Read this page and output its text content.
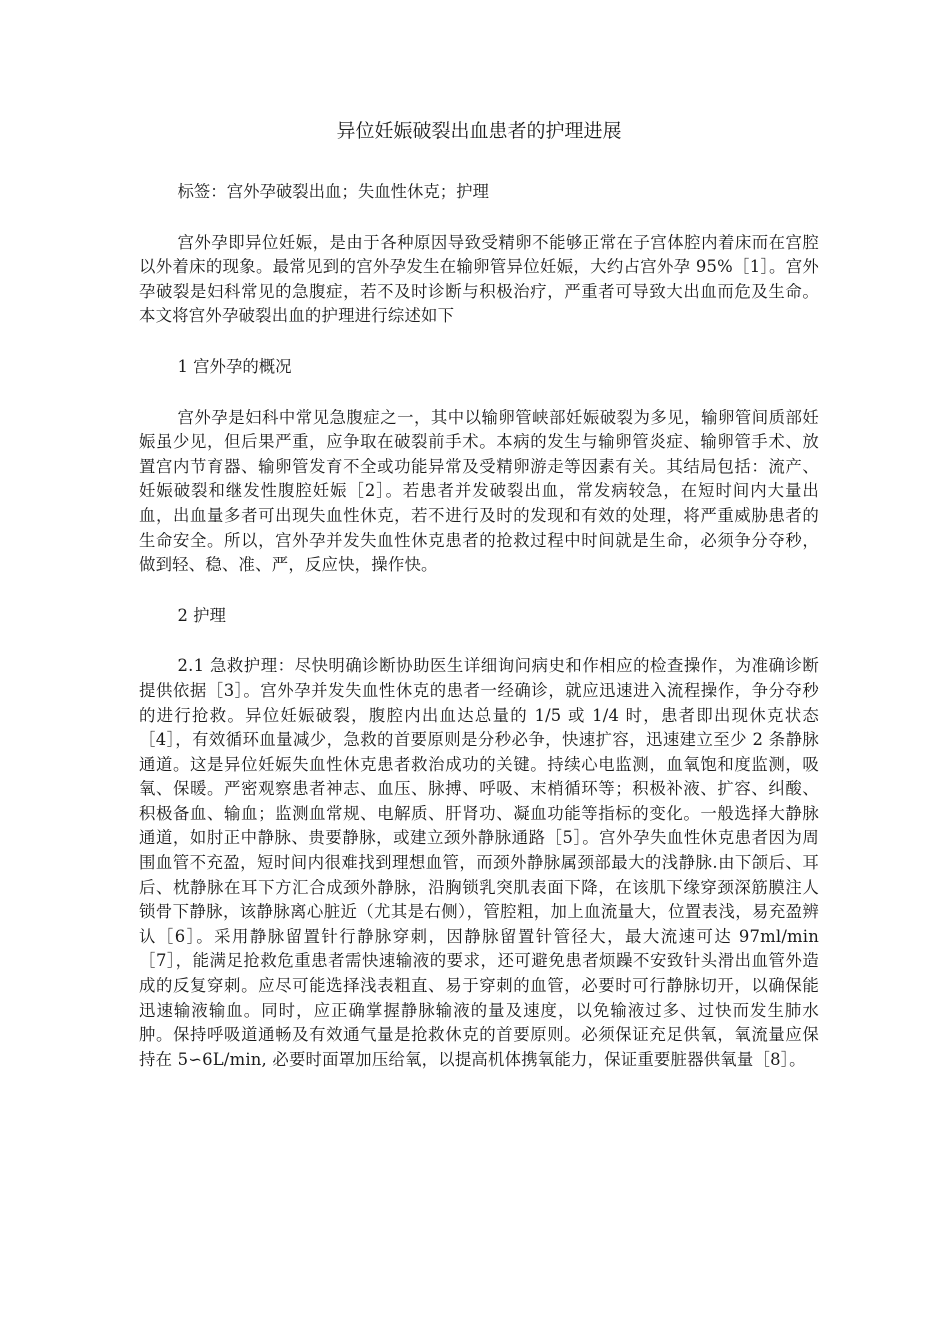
异位妊娠破裂出血患者的护理进展

标签：宫外孕破裂出血；失血性休克；护理

宫外孕即异位妊娠，是由于各种原因导致受精卵不能够正常在子宫体腔内着床而在宫腔以外着床的现象。最常见到的宫外孕发生在输卵管异位妊娠，大约占宫外孕 95%［1］。宫外孕破裂是妇科常见的急腹症，若不及时诊断与积极治疗，严重者可导致大出血而危及生命。本文将宫外孕破裂出血的护理进行综述如下

1 宫外孕的概况

宫外孕是妇科中常见急腹症之一，其中以输卵管峡部妊娠破裂为多见，输卵管间质部妊娠虽少见，但后果严重，应争取在破裂前手术。本病的发生与输卵管炎症、输卵管手术、放置宫内节育器、输卵管发育不全或功能异常及受精卵游走等因素有关。其结局包括：流产、妊娠破裂和继发性腹腔妊娠［2］。若患者并发破裂出血，常发病较急，在短时间内大量出血，出血量多者可出现失血性休克，若不进行及时的发现和有效的处理，将严重威胁患者的生命安全。所以，宫外孕并发失血性休克患者的抢救过程中时间就是生命，必须争分夺秒，做到轻、稳、准、严，反应快，操作快。

2 护理

2.1 急救护理：尽快明确诊断协助医生详细询问病史和作相应的检查操作，为准确诊断提供依据［3］。宫外孕并发失血性休克的患者一经确诊，就应迅速进入流程操作，争分夺秒的进行抢救。异位妊娠破裂，腹腔内出血达总量的 1/5 或 1/4 时，患者即出现休克状态［4］，有效循环血量减少，急救的首要原则是分秒必争，快速扩容，迅速建立至少 2 条静脉通道。这是异位妊娠失血性休克患者救治成功的关键。持续心电监测，血氧饱和度监测，吸氧、保暖。严密观察患者神志、血压、脉搏、呼吸、末梢循环等；积极补液、扩容、纠酸、积极备血、输血；监测血常规、电解质、肝肾功、凝血功能等指标的变化。一般选择大静脉通道，如肘正中静脉、贵要静脉，或建立颈外静脉通路［5］。宫外孕失血性休克患者因为周围血管不充盈，短时间内很难找到理想血管，而颈外静脉属颈部最大的浅静脉.由下颌后、耳后、枕静脉在耳下方汇合成颈外静脉，沿胸锁乳突肌表面下降，在该肌下缘穿颈深筋膜注人锁骨下静脉，该静脉离心脏近（尤其是右侧），管腔粗，加上血流量大，位置表浅，易充盈辨认［6］。采用静脉留置针行静脉穿刺，因静脉留置针管径大，最大流速可达 97ml/min［7］，能满足抢救危重患者需快速输液的要求，还可避免患者烦躁不安致针头滑出血管外造成的反复穿刺。应尽可能选择浅表粗直、易于穿刺的血管，必要时可行静脉切开，以确保能迅速输液输血。同时，应正确掌握静脉输液的量及速度，以免输液过多、过快而发生肺水肿。保持呼吸道通畅及有效通气量是抢救休克的首要原则。必须保证充足供氧，氧流量应保持在 5∽6L/min, 必要时面罩加压给氧，以提高机体携氧能力，保证重要脏器供氧量［8］。
